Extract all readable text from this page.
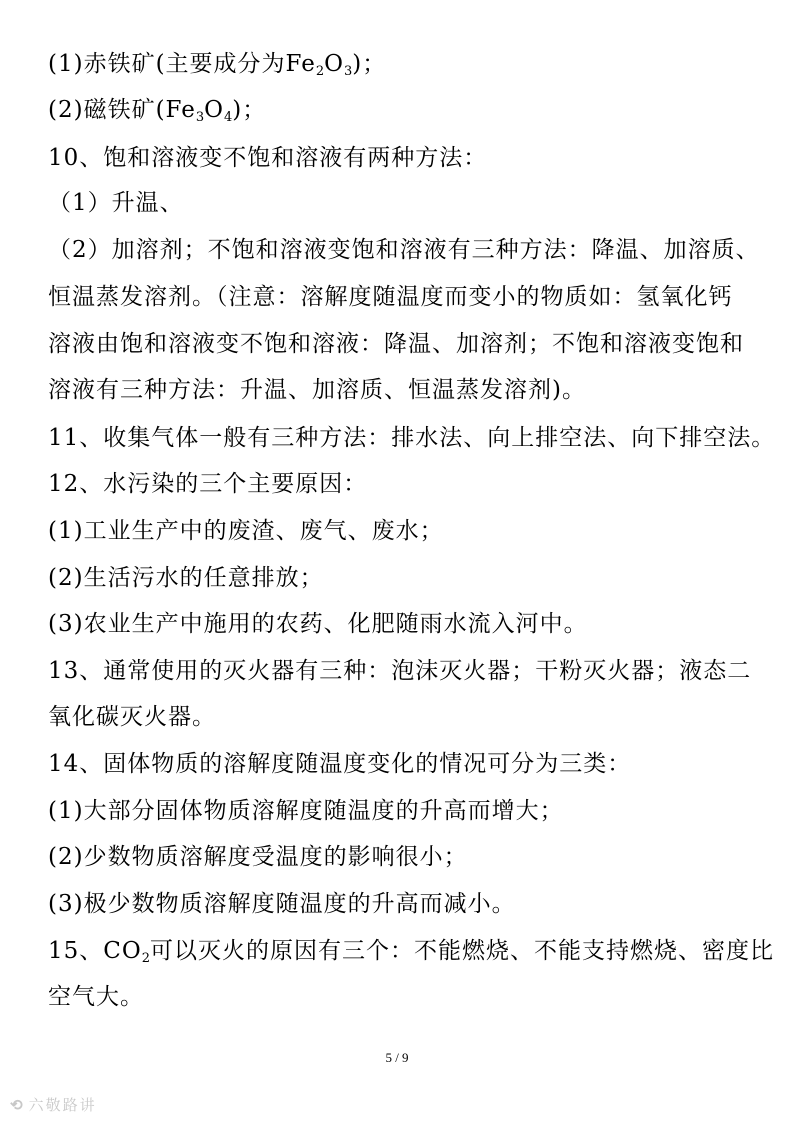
(1)赤铁矿(主要成分为$Fe_2O_3$)；
(2)磁铁矿$(Fe_3O_4)$；
10、饱和溶液变不饱和溶液有两种方法：
（1）升温、
（2）加溶剂；不饱和溶液变饱和溶液有三种方法：降温、加溶质、
恒温蒸发溶剂。（注意：溶解度随温度而变小的物质如：氢氧化钙
溶液由饱和溶液变不饱和溶液：降温、加溶剂；不饱和溶液变饱和
溶液有三种方法：升温、加溶质、恒温蒸发溶剂)。
11、收集气体一般有三种方法：排水法、向上排空法、向下排空法。
12、水污染的三个主要原因：
(1)工业生产中的废渣、废气、废水；
(2)生活污水的任意排放；
(3)农业生产中施用的农药、化肥随雨水流入河中。
13、通常使用的灭火器有三种：泡沫灭火器；干粉灭火器；液态二
氧化碳灭火器。
14、固体物质的溶解度随温度变化的情况可分为三类：
(1)大部分固体物质溶解度随温度的升高而增大；
(2)少数物质溶解度受温度的影响很小；
(3)极少数物质溶解度随温度的升高而减小。
15、$CO_2$可以灭火的原因有三个：不能燃烧、不能支持燃烧、密度比
空气大。
5 / 9
⟲ 六敬路讲
